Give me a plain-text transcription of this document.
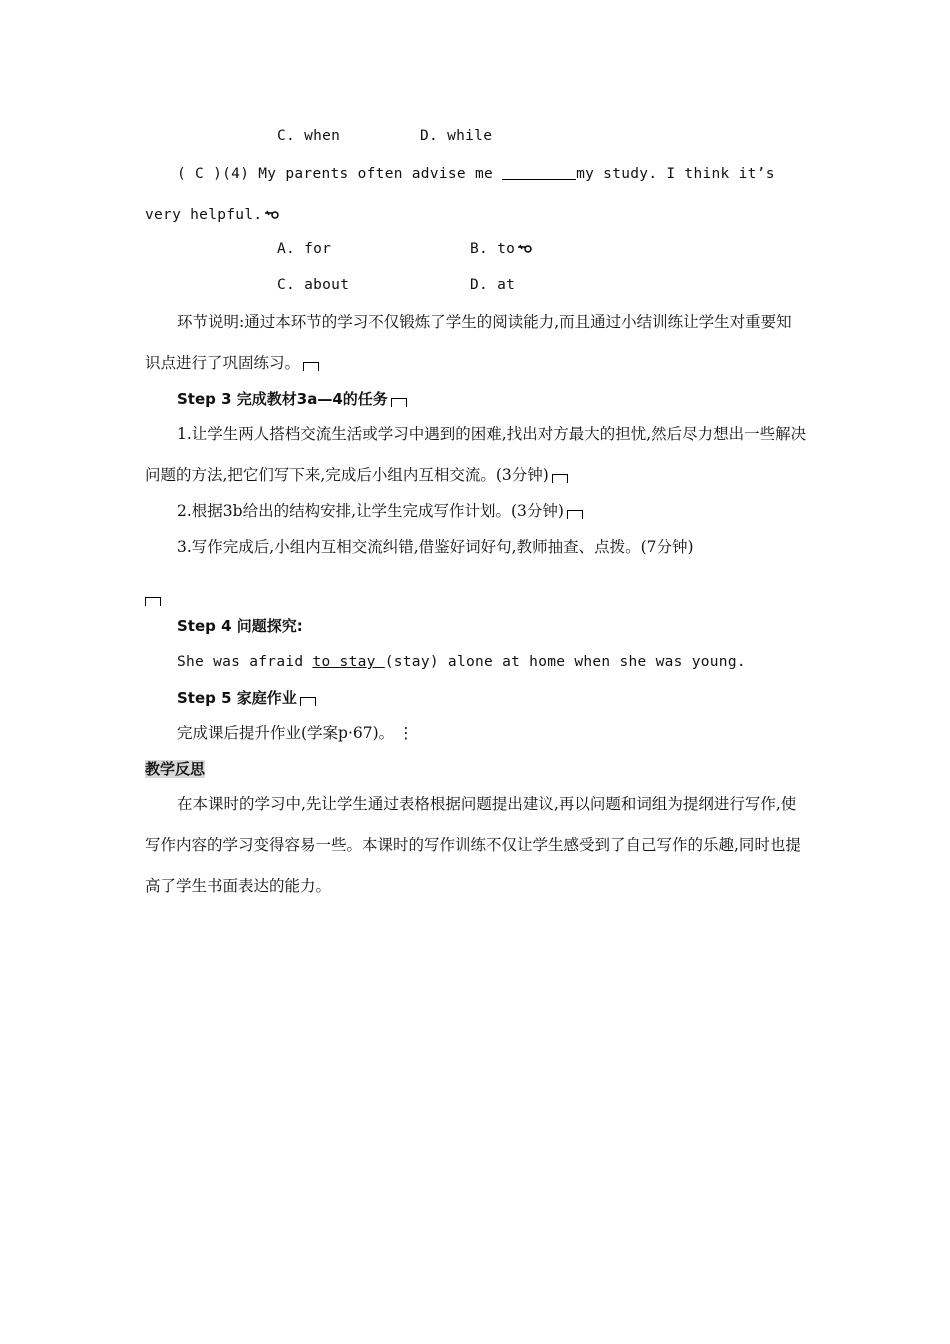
C. when	D. while
( C )(4) My parents often advise me	my study. I think it’s
very helpful.
A. for	B. to
C. about	D. at
环节说明:通过本环节的学习不仅锻炼了学生的阅读能力,而且通过小结训练让学生对重要知识点进行了巩固练习。
Step 3 完成教材3a—4的任务
1.让学生两人搭档交流生活或学习中遇到的困难,找出对方最大的担忧,然后尽力想出一些解决问题的方法,把它们写下来,完成后小组内互相交流。(3分钟)
2.根据3b给出的结构安排,让学生完成写作计划。(3分钟)
3.写作完成后,小组内互相交流纠错,借鉴好词好句,教师抽查、点拨。(7分钟)
Step 4 问题探究:
She was afraid to stay (stay) alone at home when she was young.
Step 5 家庭作业
完成课后提升作业(学案p·67)。 ⋮
教学反思
在本课时的学习中,先让学生通过表格根据问题提出建议,再以问题和词组为提纲进行写作,使写作内容的学习变得容易一些。本课时的写作训练不仅让学生感受到了自己写作的乐趣,同时也提高了学生书面表达的能力。
